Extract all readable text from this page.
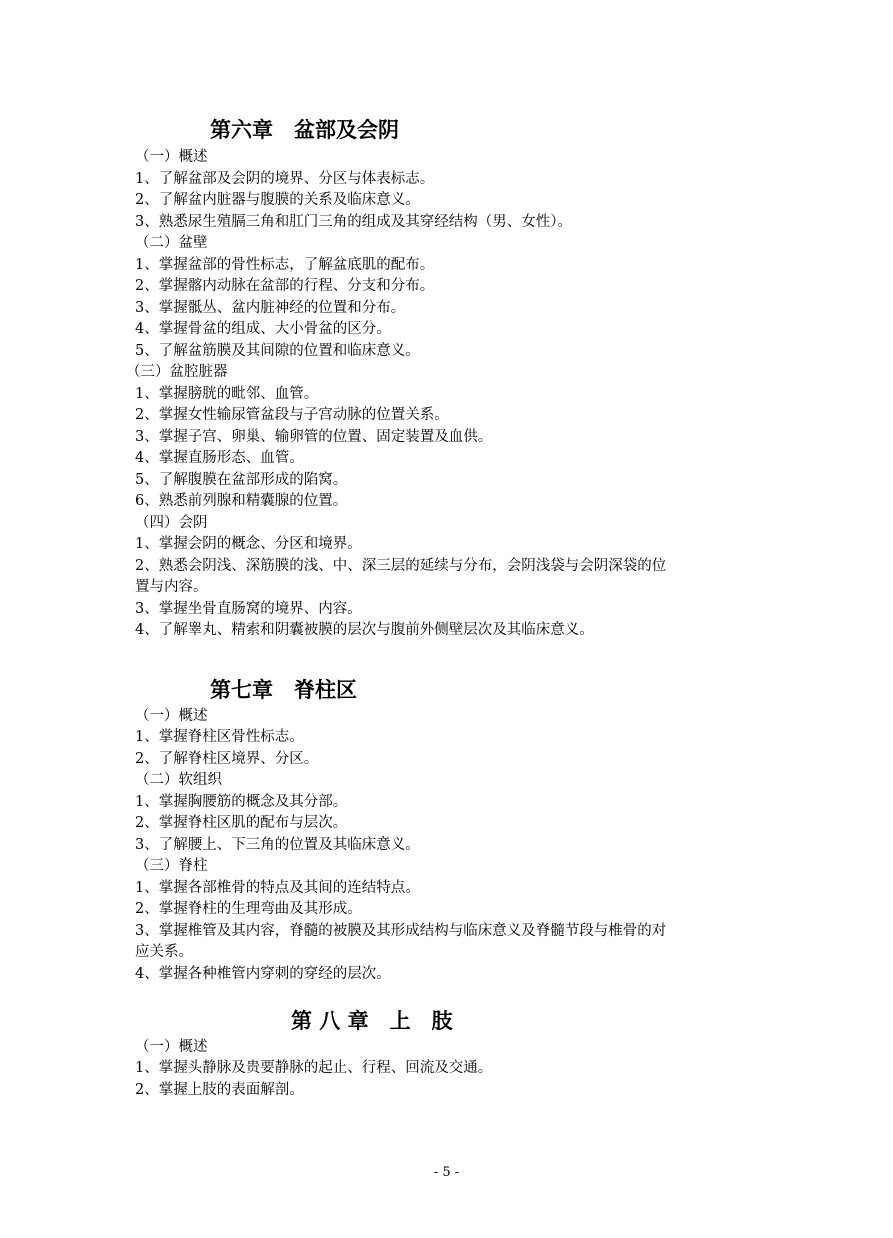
第六章　盆部及会阴

（一）概述

1、了解盆部及会阴的境界、分区与体表标志。

2、了解盆内脏器与腹膜的关系及临床意义。

3、熟悉尿生殖膈三角和肛门三角的组成及其穿经结构（男、女性）。

（二）盆壁

1、掌握盆部的骨性标志，了解盆底肌的配布。

2、掌握髂内动脉在盆部的行程、分支和分布。

3、掌握骶丛、盆内脏神经的位置和分布。

4、掌握骨盆的组成、大小骨盆的区分。

5、了解盆筋膜及其间隙的位置和临床意义。

（三）盆腔脏器

1、掌握膀胱的毗邻、血管。

2、掌握女性输尿管盆段与子宫动脉的位置关系。

3、掌握子宫、卵巢、输卵管的位置、固定装置及血供。

4、掌握直肠形态、血管。

5、了解腹膜在盆部形成的陷窝。

6、熟悉前列腺和精囊腺的位置。

（四）会阴

1、掌握会阴的概念、分区和境界。

2、熟悉会阴浅、深筋膜的浅、中、深三层的延续与分布，会阴浅袋与会阴深袋的位

置与内容。

3、掌握坐骨直肠窝的境界、内容。

4、了解睾丸、精索和阴囊被膜的层次与腹前外侧壁层次及其临床意义。

第七章　脊柱区

（一）概述

1、掌握脊柱区骨性标志。

2、了解脊柱区境界、分区。

（二）软组织

1、掌握胸腰筋的概念及其分部。

2、掌握脊柱区肌的配布与层次。

3、了解腰上、下三角的位置及其临床意义。

（三）脊柱

1、掌握各部椎骨的特点及其间的连结特点。

2、掌握脊柱的生理弯曲及其形成。

3、掌握椎管及其内容，脊髓的被膜及其形成结构与临床意义及脊髓节段与椎骨的对

应关系。

4、掌握各种椎管内穿刺的穿经的层次。

第 八 章　上　肢

（一）概述

1、掌握头静脉及贵要静脉的起止、行程、回流及交通。

2、掌握上肢的表面解剖。

- 5 -
